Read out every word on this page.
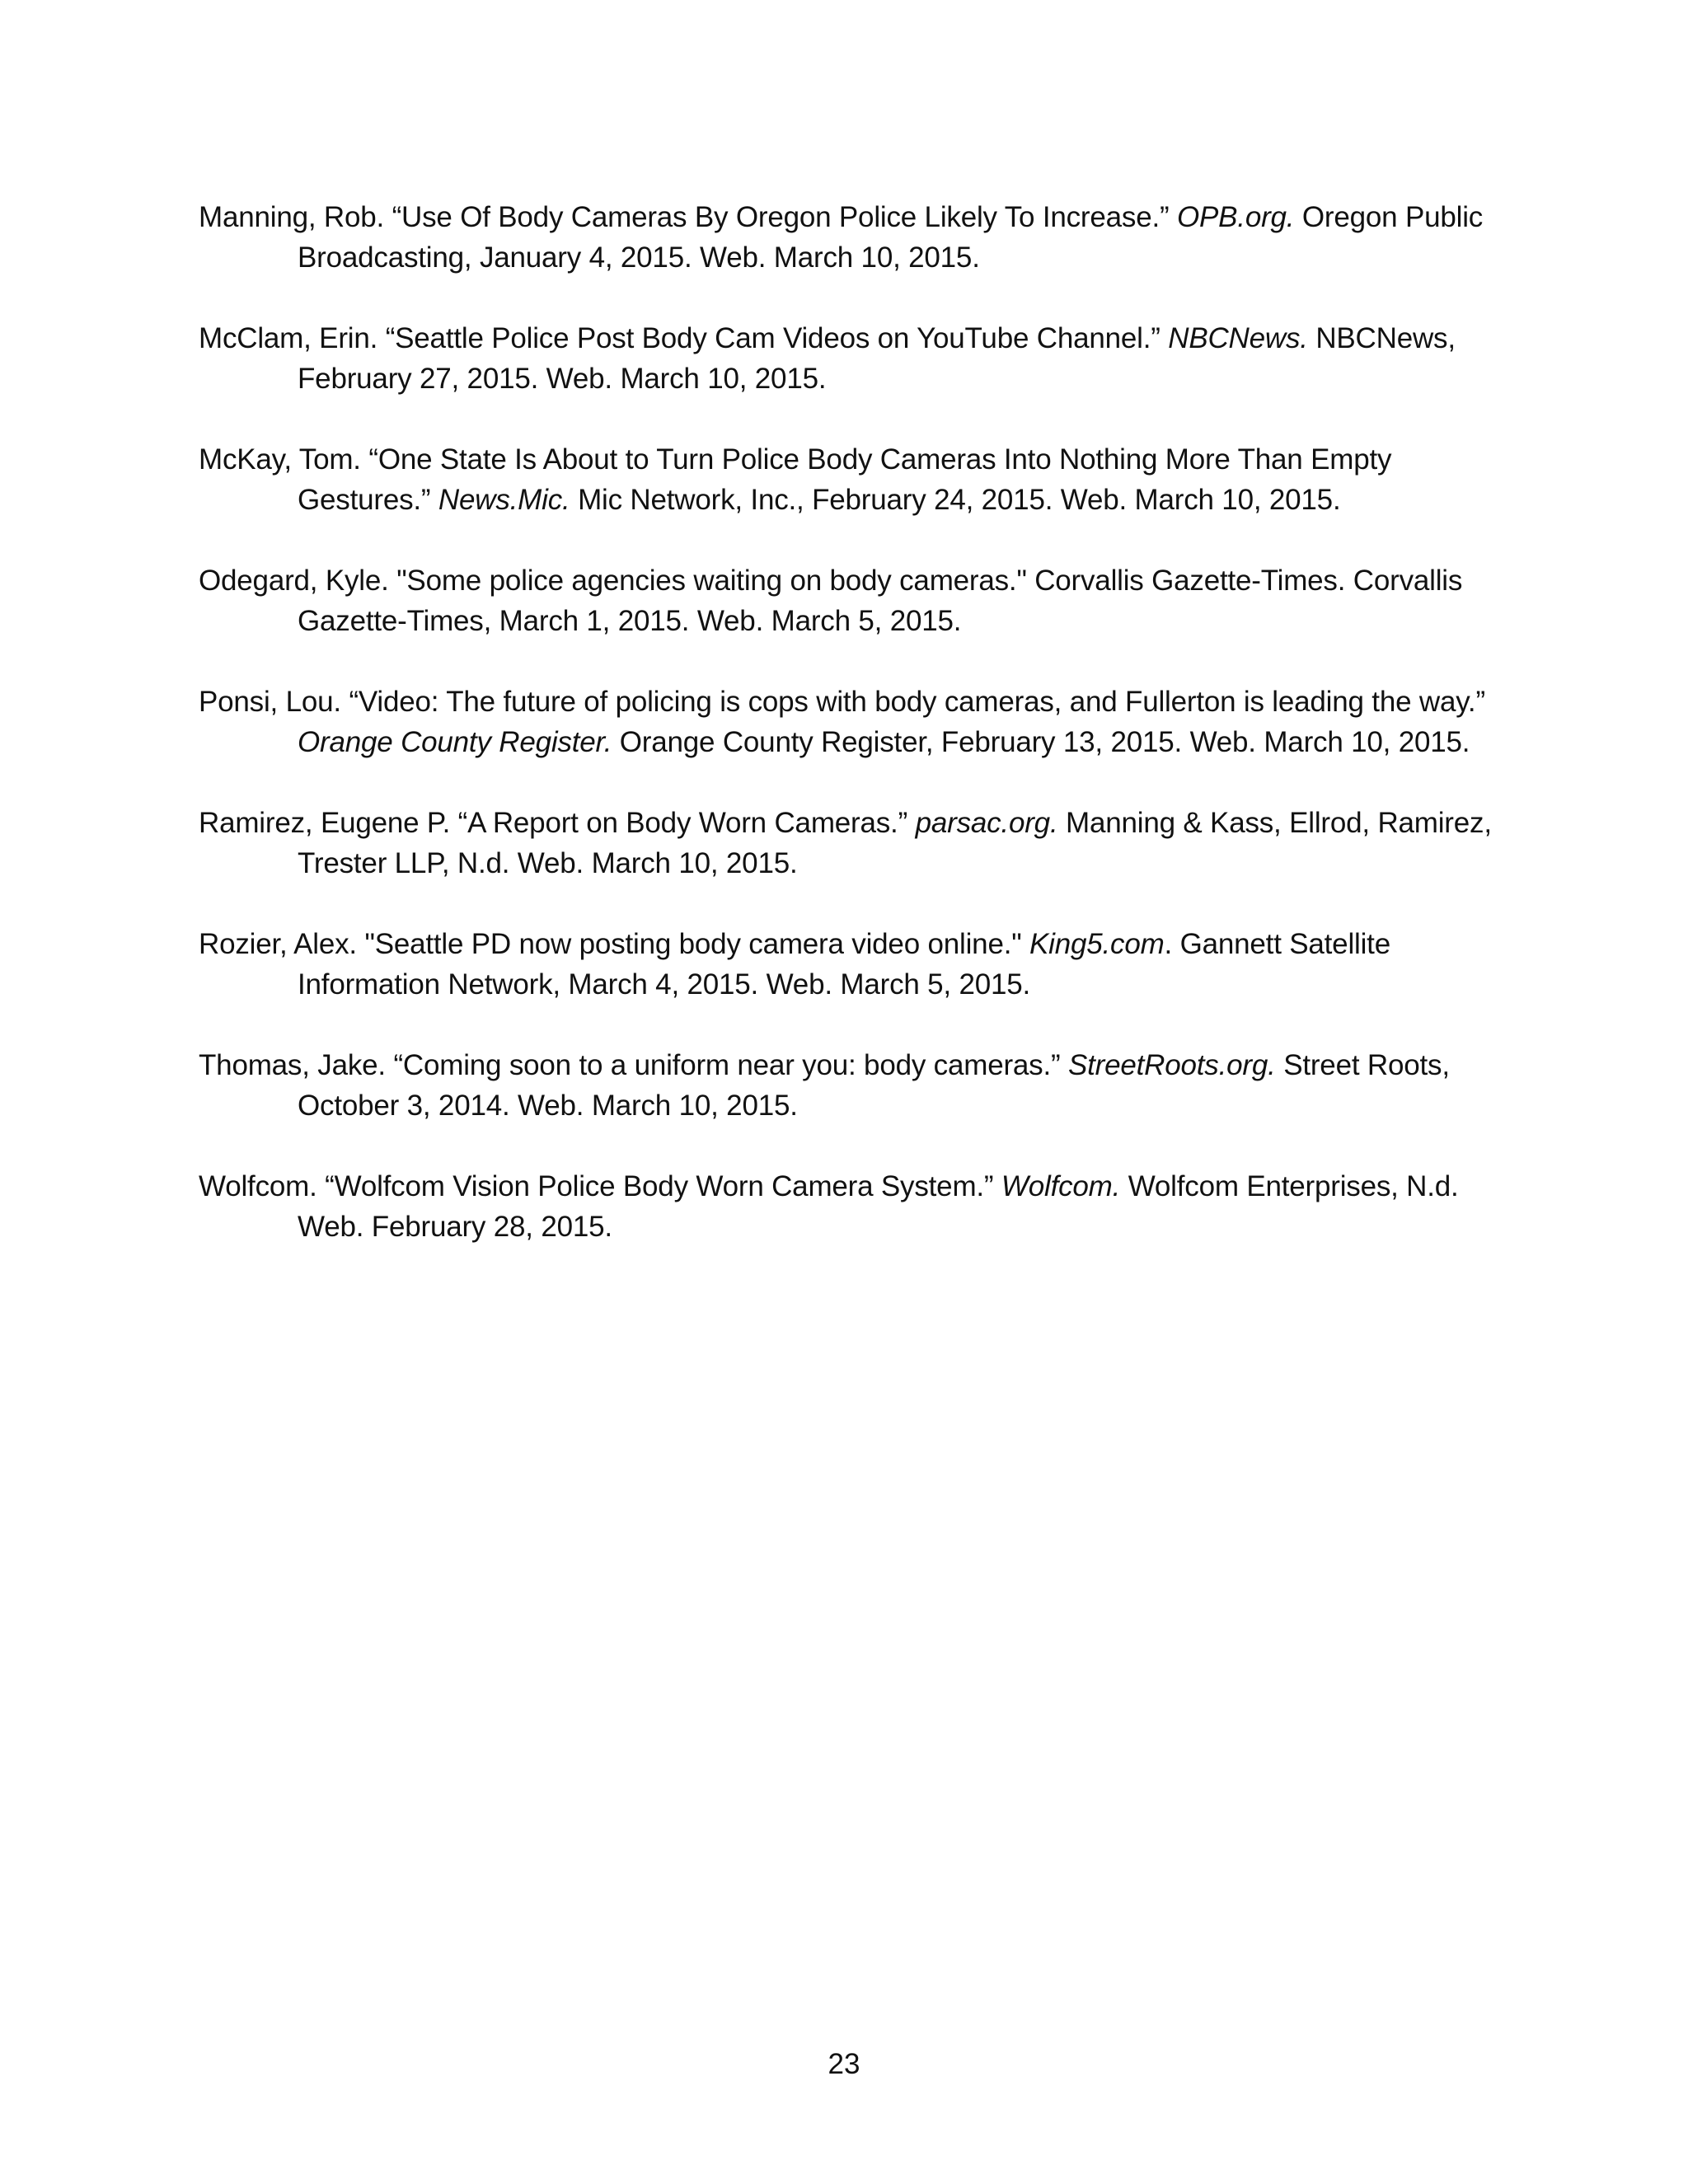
Manning, Rob. “Use Of Body Cameras By Oregon Police Likely To Increase.” OPB.org. Oregon Public Broadcasting, January 4, 2015. Web. March 10, 2015.

McClam, Erin. “Seattle Police Post Body Cam Videos on YouTube Channel.” NBCNews. NBCNews, February 27, 2015. Web. March 10, 2015.

McKay, Tom. “One State Is About to Turn Police Body Cameras Into Nothing More Than Empty Gestures.” News.Mic. Mic Network, Inc., February 24, 2015. Web. March 10, 2015.

Odegard, Kyle. "Some police agencies waiting on body cameras." Corvallis Gazette-Times. Corvallis Gazette-Times, March 1, 2015. Web. March 5, 2015.

Ponsi, Lou. “Video: The future of policing is cops with body cameras, and Fullerton is leading the way.” Orange County Register. Orange County Register, February 13, 2015. Web. March 10, 2015.

Ramirez, Eugene P. “A Report on Body Worn Cameras.” parsac.org. Manning & Kass, Ellrod, Ramirez, Trester LLP, N.d. Web. March 10, 2015.

Rozier, Alex. "Seattle PD now posting body camera video online." King5.com. Gannett Satellite Information Network, March 4, 2015. Web. March 5, 2015.

Thomas, Jake. “Coming soon to a uniform near you: body cameras.” StreetRoots.org. Street Roots, October 3, 2014. Web. March 10, 2015.

Wolfcom. “Wolfcom Vision Police Body Worn Camera System.” Wolfcom. Wolfcom Enterprises, N.d. Web. February 28, 2015.

23
